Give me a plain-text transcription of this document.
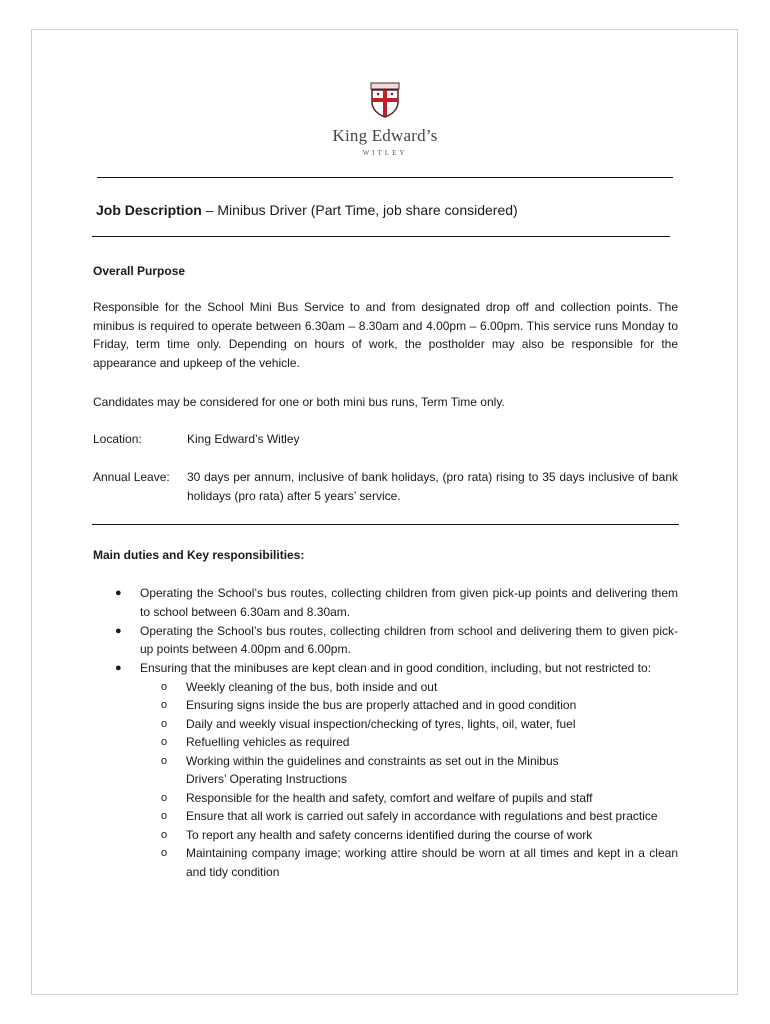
King Edward’s
WITLEY
Job Description – Minibus Driver (Part Time, job share considered)
Overall Purpose
Responsible for the School Mini Bus Service to and from designated drop off and collection points. The minibus is required to operate between 6.30am – 8.30am and 4.00pm – 6.00pm. This service runs Monday to Friday, term time only. Depending on hours of work, the postholder may also be responsible for the appearance and upkeep of the vehicle.
Candidates may be considered for one or both mini bus runs, Term Time only.
Location:	King Edward’s Witley
Annual Leave: 30 days per annum, inclusive of bank holidays, (pro rata) rising to 35 days inclusive of bank holidays (pro rata) after 5 years’ service.
Main duties and Key responsibilities:
● Operating the School’s bus routes, collecting children from given pick-up points and delivering them to school between 6.30am and 8.30am.
● Operating the School’s bus routes, collecting children from school and delivering them to given pick-up points between 4.00pm and 6.00pm.
● Ensuring that the minibuses are kept clean and in good condition, including, but not restricted to:
o Weekly cleaning of the bus, both inside and out
o Ensuring signs inside the bus are properly attached and in good condition
o Daily and weekly visual inspection/checking of tyres, lights, oil, water, fuel
o Refuelling vehicles as required
o Working within the guidelines and constraints as set out in the Minibus Drivers’ Operating Instructions
o Responsible for the health and safety, comfort and welfare of pupils and staff
o Ensure that all work is carried out safely in accordance with regulations and best practice
o To report any health and safety concerns identified during the course of work
o Maintaining company image; working attire should be worn at all times and kept in a clean and tidy condition
